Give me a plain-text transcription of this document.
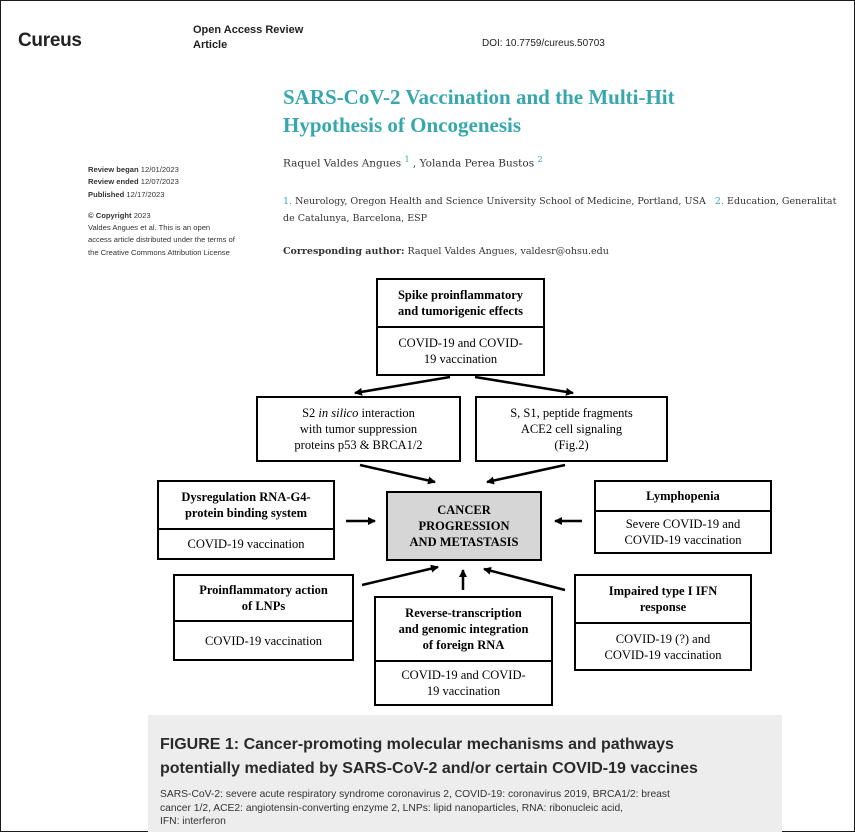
Cureus	Open Access Review
Article	DOI: 10.7759/cureus.50703
SARS-CoV-2 Vaccination and the Multi-Hit
Hypothesis of Oncogenesis
Raquel Valdes Angues $^1$ , Yolanda Perea Bustos $^2$
1. Neurology, Oregon Health and Science University School of Medicine, Portland, USA 2. Education, Generalitat de Catalunya, Barcelona, ESP
Corresponding author: Raquel Valdes Angues, valdesr@ohsu.edu
Review began 12/01/2023
Review ended 12/07/2023
Published 12/17/2023
© Copyright 2023
Valdes Angues et al. This is an open
access article distributed under the terms of
the Creative Commons Attribution License
Spike proinflammatory
and tumorigenic effects
COVID-19 and COVID-
19 vaccination
S2 in silico interaction
with tumor suppression
proteins p53 & BRCA1/2
S, S1, peptide fragments
ACE2 cell signaling
(Fig.2)
Dysregulation RNA-G4-
protein binding system
COVID-19 vaccination
CANCER
PROGRESSION
AND METASTASIS
Lymphopenia
Severe COVID-19 and
COVID-19 vaccination
Proinflammatory action
of LNPs
COVID-19 vaccination
Reverse-transcription
and genomic integration
of foreign RNA
COVID-19 and COVID-
19 vaccination
Impaired type I IFN
response
COVID-19 (?) and
COVID-19 vaccination
FIGURE 1: Cancer-promoting molecular mechanisms and pathways
potentially mediated by SARS-CoV-2 and/or certain COVID-19 vaccines
SARS-CoV-2: severe acute respiratory syndrome coronavirus 2, COVID-19: coronavirus 2019, BRCA1/2: breast
cancer 1/2, ACE2: angiotensin-converting enzyme 2, LNPs: lipid nanoparticles, RNA: ribonucleic acid,
IFN: interferon
